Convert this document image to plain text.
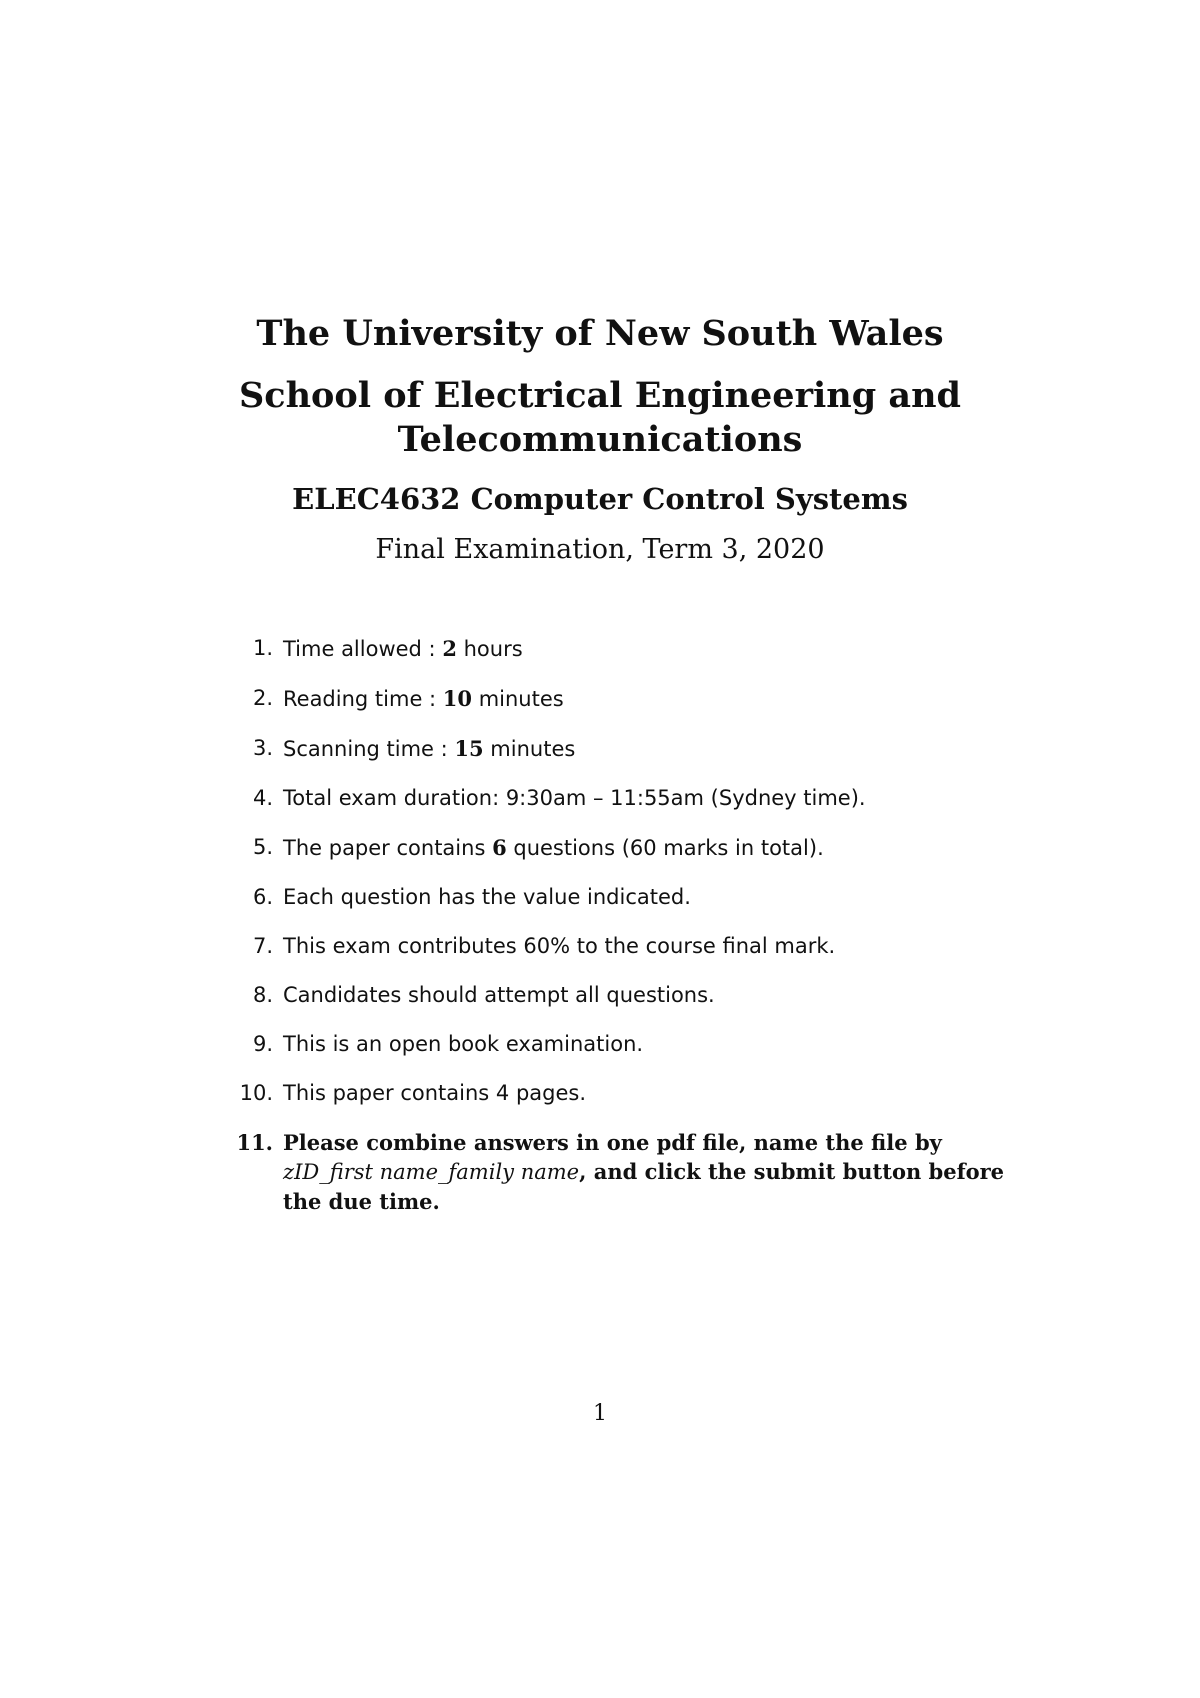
The University of New South Wales
School of Electrical Engineering and
Telecommunications
ELEC4632 Computer Control Systems
Final Examination, Term 3, 2020
1. Time allowed : 2 hours
2. Reading time : 10 minutes
3. Scanning time : 15 minutes
4. Total exam duration: 9:30am – 11:55am (Sydney time).
5. The paper contains 6 questions (60 marks in total).
6. Each question has the value indicated.
7. This exam contributes 60% to the course final mark.
8. Candidates should attempt all questions.
9. This is an open book examination.
10. This paper contains 4 pages.
11. Please combine answers in one pdf file, name the file by zID_first name_family name, and click the submit button before the due time.
1
